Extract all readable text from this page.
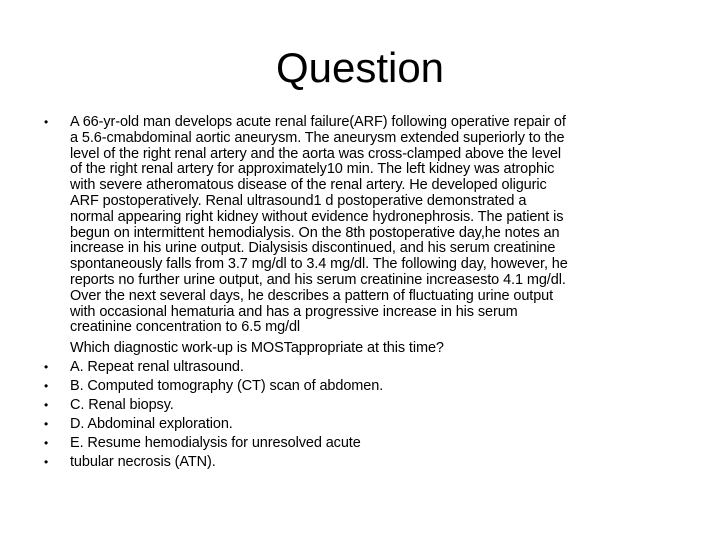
Question
•	A 66-yr-old man develops acute renal failure(ARF) following operative repair of
a 5.6-cmabdominal aortic aneurysm. The aneurysm extended superiorly to the
level of the right renal artery and the aorta was cross-clamped above the level
of the right renal artery for approximately10 min. The left kidney was atrophic
with severe atheromatous disease of the renal artery. He developed oliguric
ARF postoperatively. Renal ultrasound1 d postoperative demonstrated a
normal appearing right kidney without evidence hydronephrosis. The patient is
begun on intermittent hemodialysis. On the 8th postoperative day,he notes an
increase in his urine output. Dialysisis discontinued, and his serum creatinine
spontaneously falls from 3.7 mg/dl to 3.4 mg/dl. The following day, however, he
reports no further urine output, and his serum creatinine increasesto 4.1 mg/dl.
Over the next several days, he describes a pattern of fluctuating urine output
with occasional hematuria and has a progressive increase in his serum
creatinine concentration to 6.5 mg/dl
Which diagnostic work-up is MOSTappropriate at this time?
•	A. Repeat renal ultrasound.
•	B. Computed tomography (CT) scan of abdomen.
•	C. Renal biopsy.
•	D. Abdominal exploration.
•	E. Resume hemodialysis for unresolved acute
•	tubular necrosis (ATN).
